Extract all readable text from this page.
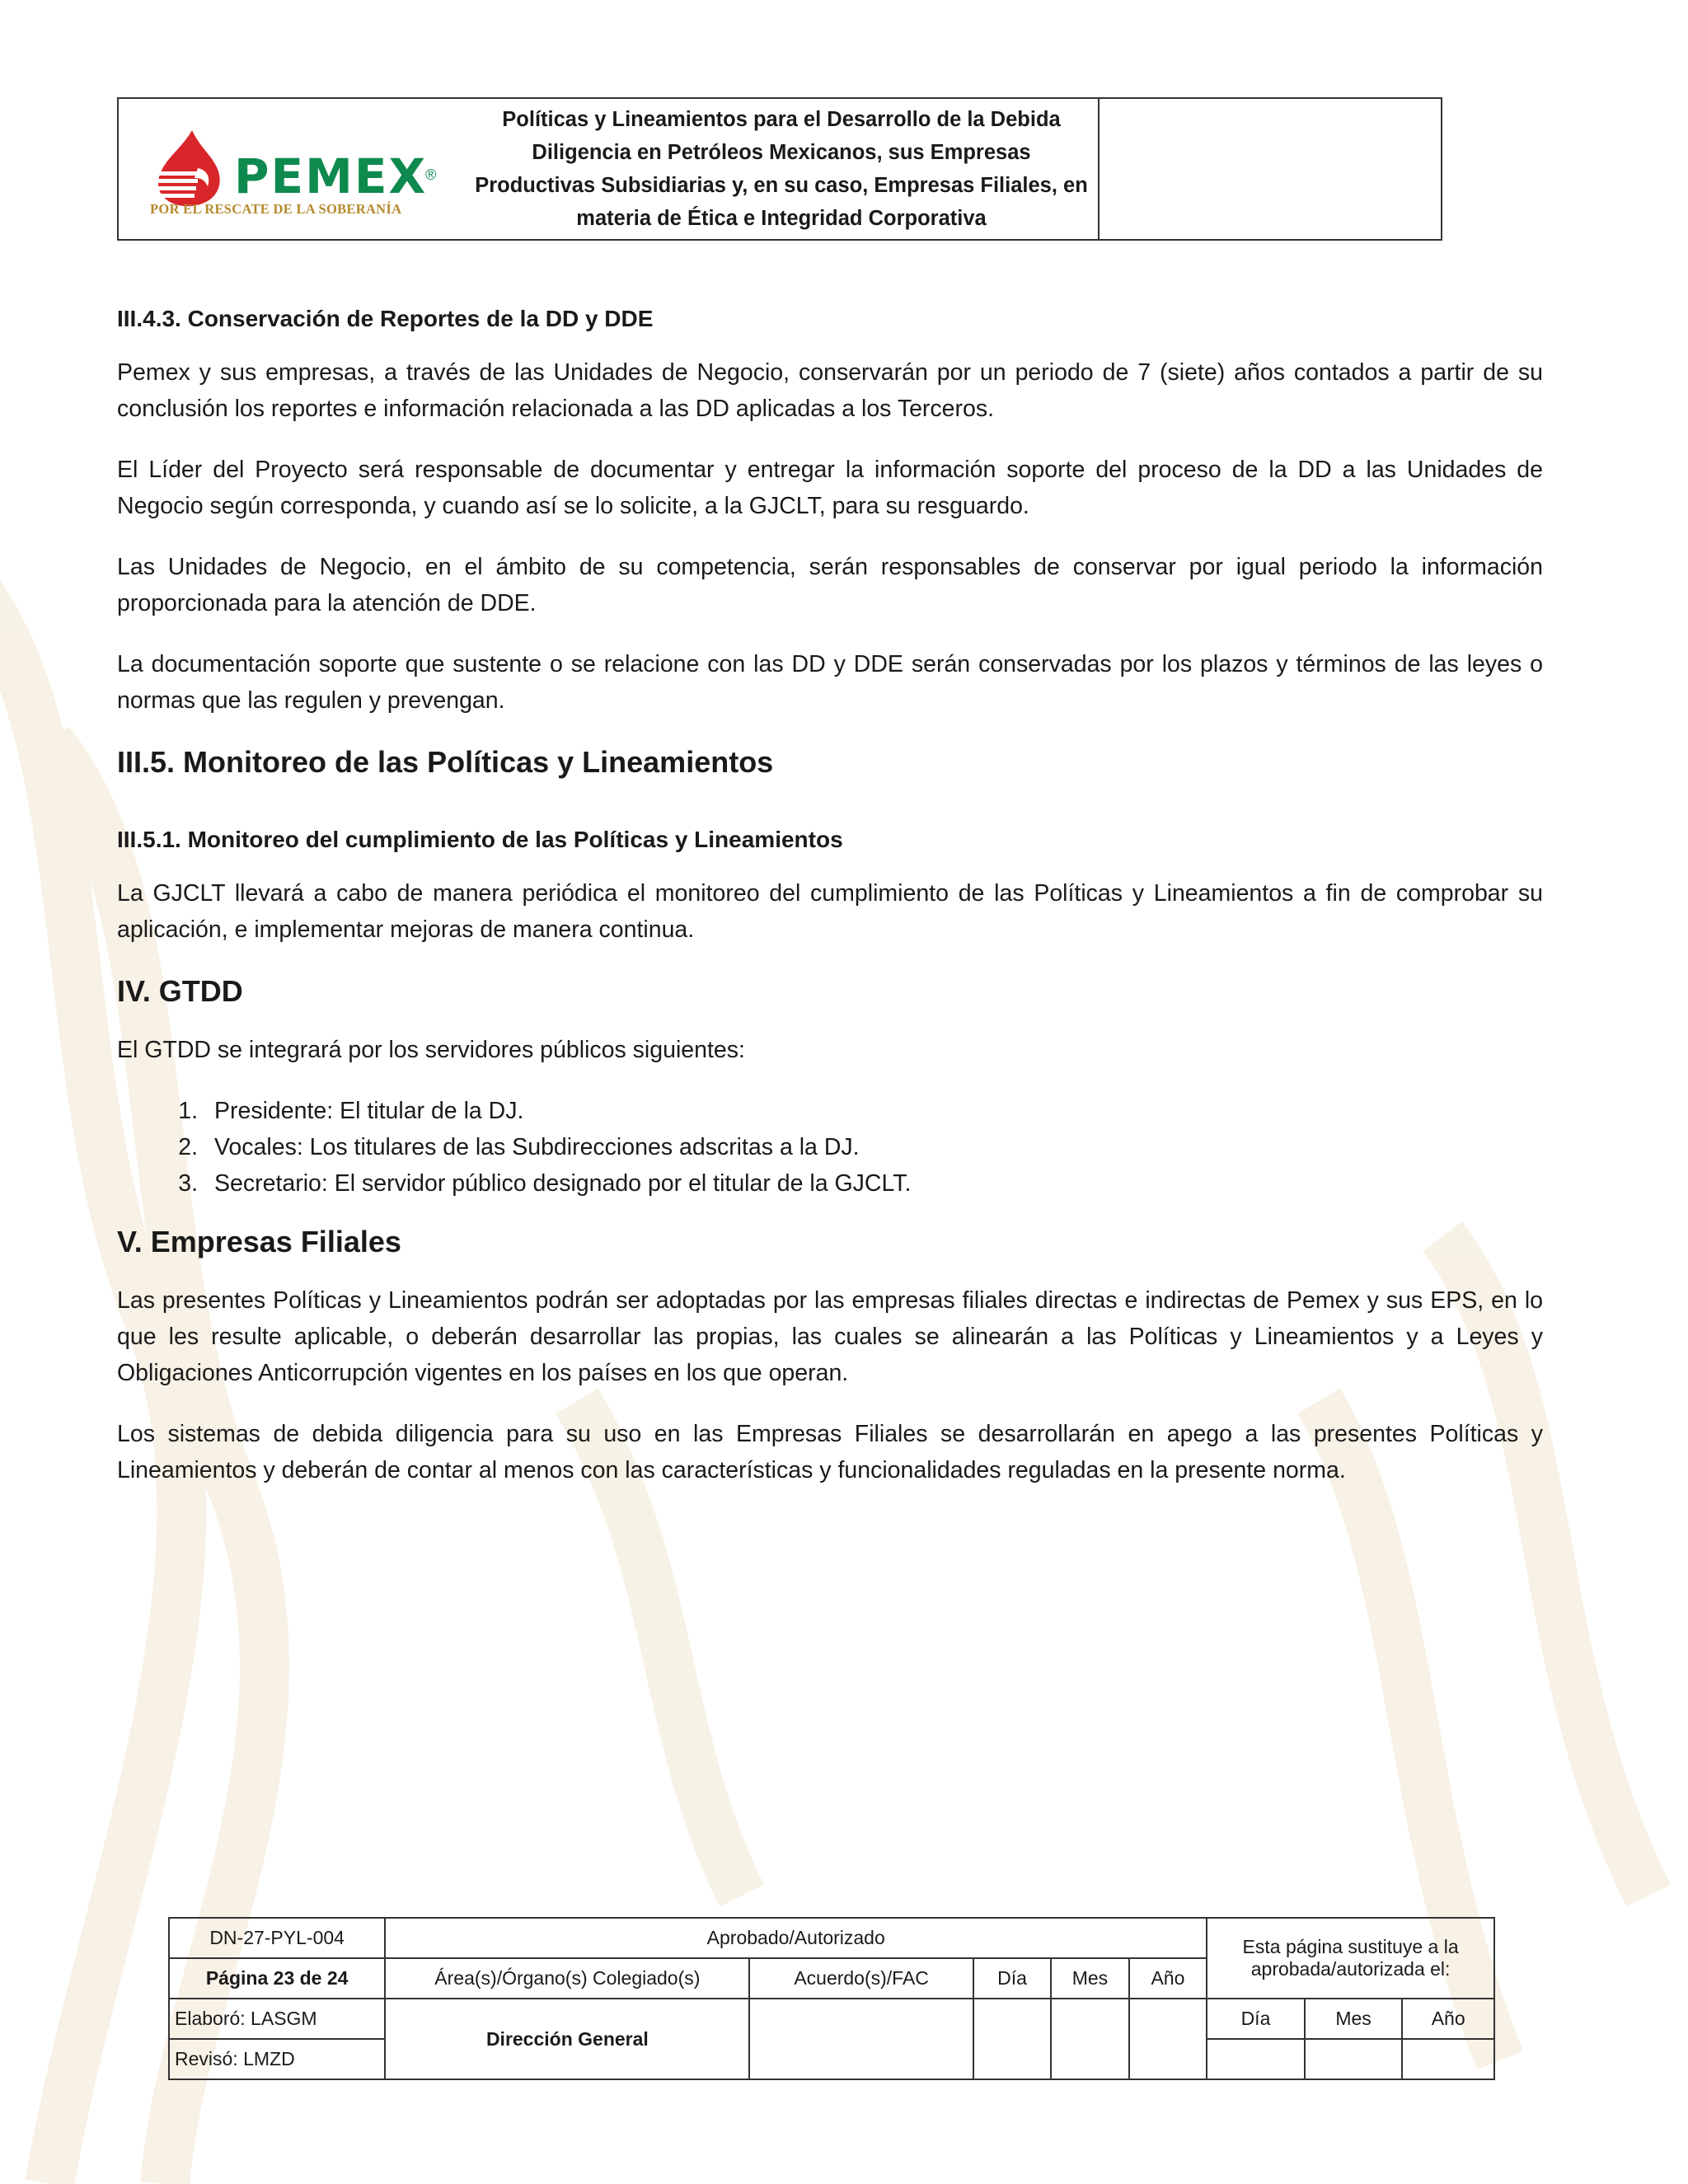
PEMEX
®
POR EL RESCATE DE LA SOBERANÍA
Políticas y Lineamientos para el Desarrollo de la Debida Diligencia en Petróleos Mexicanos, sus Empresas Productivas Subsidiarias y, en su caso, Empresas Filiales, en materia de Ética e Integridad Corporativa
III.4.3. Conservación de Reportes de la DD y DDE

Pemex y sus empresas, a través de las Unidades de Negocio, conservarán por un periodo de 7 (siete) años contados a partir de su conclusión los reportes e información relacionada a las DD aplicadas a los Terceros.

El Líder del Proyecto será responsable de documentar y entregar la información soporte del proceso de la DD a las Unidades de Negocio según corresponda, y cuando así se lo solicite, a la GJCLT, para su resguardo.

Las Unidades de Negocio, en el ámbito de su competencia, serán responsables de conservar por igual periodo la información proporcionada para la atención de DDE.

La documentación soporte que sustente o se relacione con las DD y DDE serán conservadas por los plazos y términos de las leyes o normas que las regulen y prevengan.

III.5. Monitoreo de las Políticas y Lineamientos
III.5.1. Monitoreo del cumplimiento de las Políticas y Lineamientos

La GJCLT llevará a cabo de manera periódica el monitoreo del cumplimiento de las Políticas y Lineamientos a fin de comprobar su aplicación, e implementar mejoras de manera continua.

IV. GTDD

El GTDD se integrará por los servidores públicos siguientes:

1. Presidente: El titular de la DJ.
2. Vocales: Los titulares de las Subdirecciones adscritas a la DJ.
3. Secretario: El servidor público designado por el titular de la GJCLT.
V. Empresas Filiales

Las presentes Políticas y Lineamientos podrán ser adoptadas por las empresas filiales directas e indirectas de Pemex y sus EPS, en lo que les resulte aplicable, o deberán desarrollar las propias, las cuales se alinearán a las Políticas y Lineamientos y a Leyes y Obligaciones Anticorrupción vigentes en los países en los que operan.

Los sistemas de debida diligencia para su uso en las Empresas Filiales se desarrollarán en apego a las presentes Políticas y Lineamientos y deberán de contar al menos con las características y funcionalidades reguladas en la presente norma.

DN-27-PYL-004	Aprobado/Autorizado					Esta página sustituye a la aprobada/autorizada el:		
Página 23 de 24	Área(s)/Órgano(s) Colegiado(s)	Acuerdo(s)/FAC	Día	Mes	Año			
Elaboró: LASGM	Dirección General					Día	Mes	Año
Revisó: LMZD								
